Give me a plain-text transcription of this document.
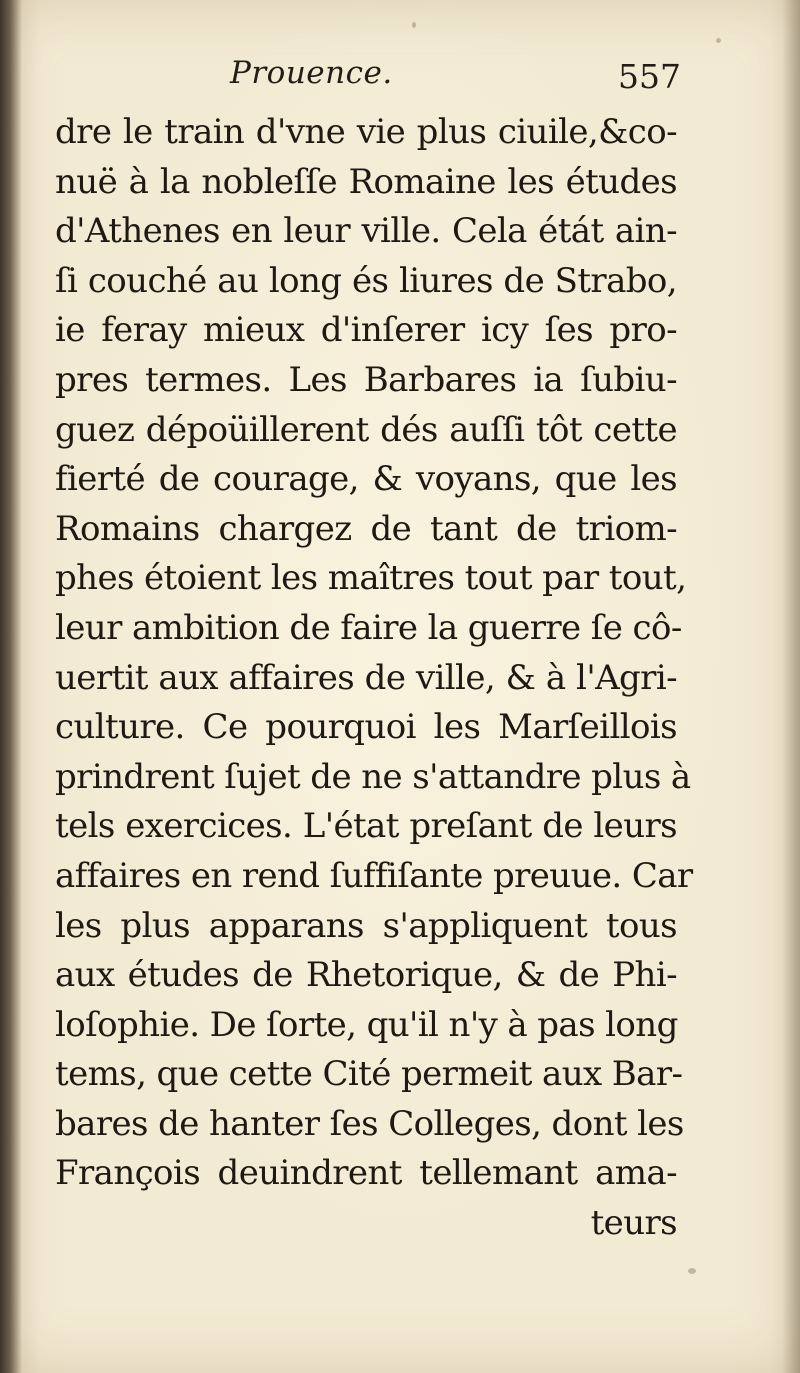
Prouence.	557
dre le train d'vne vie plus ciuile,&co-
nuë à la nobleſſe Romaine les études
d'Athenes en leur ville. Cela étát ain-
ſi couché au long és liures de Strabo,
ie feray mieux d'inſerer icy ſes pro-
pres termes. Les Barbares ia ſubiu-
guez dépoüillerent dés auſſi tôt cette
fierté de courage, & voyans, que les
Romains chargez de tant de triom-
phes étoient les maîtres tout par tout,
leur ambition de faire la guerre ſe cô-
uertit aux affaires de ville, & à l'Agri-
culture. Ce pourquoi les Marſeillois
prindrent ſujet de ne s'attandre plus à
tels exercices. L'état preſant de leurs
affaires en rend ſuffiſante preuue. Car
les plus apparans s'appliquent tous
aux études de Rhetorique, & de Phi-
loſophie. De ſorte, qu'il n'y à pas long
tems, que cette Cité permeit aux Bar-
bares de hanter ſes Colleges, dont les
François deuindrent tellemant ama-
teurs
